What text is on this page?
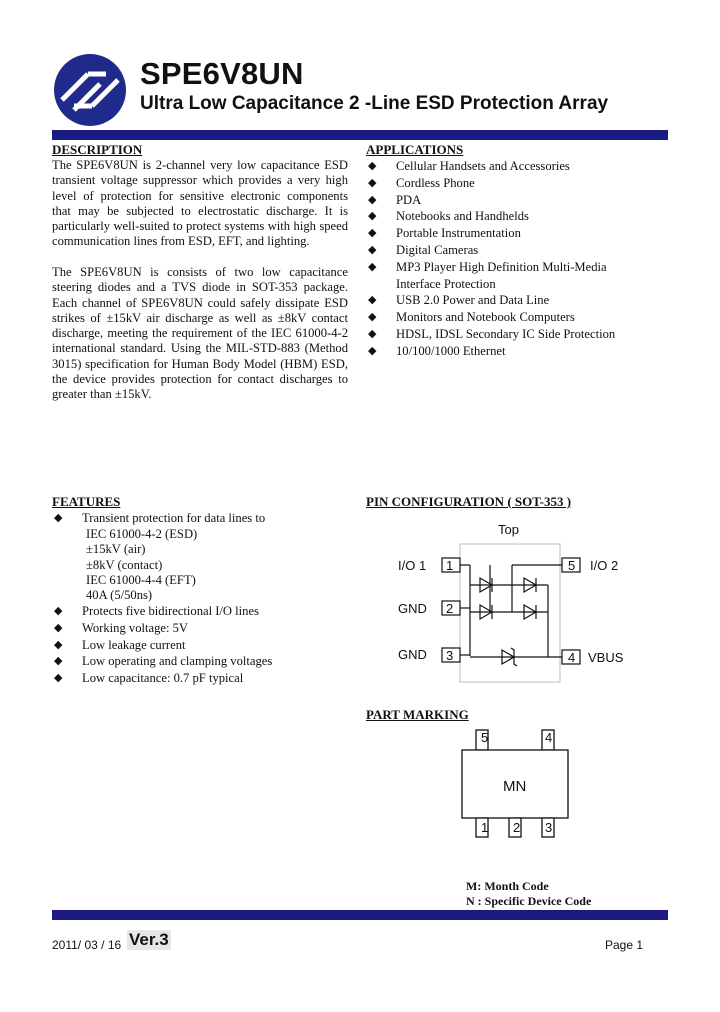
SPE6V8UN
Ultra Low Capacitance 2 -Line ESD Protection Array
DESCRIPTION
The SPE6V8UN is 2-channel very low capacitance ESD transient voltage suppressor which provides a very high level of protection for sensitive electronic components that may be subjected to electrostatic discharge. It is particularly well-suited to protect systems with high speed communication lines from ESD, EFT, and lighting.
The SPE6V8UN is consists of two low capacitance steering diodes and a TVS diode in SOT-353 package. Each channel of SPE6V8UN could safely dissipate ESD strikes of ±15kV air discharge as well as ±8kV contact discharge, meeting the requirement of the IEC 61000-4-2 international standard. Using the MIL-STD-883 (Method 3015) specification for Human Body Model (HBM) ESD, the device provides protection for contact discharges to greater than ±15kV.
APPLICATIONS
◆ Cellular Handsets and Accessories
◆ Cordless Phone
◆ PDA
◆ Notebooks and Handhelds
◆ Portable Instrumentation
◆ Digital Cameras
◆ MP3 Player High Definition Multi-Media Interface Protection
◆ USB 2.0 Power and Data Line
◆ Monitors and Notebook Computers
◆ HDSL, IDSL Secondary IC Side Protection
◆ 10/100/1000 Ethernet
FEATURES
◆ Transient protection for data lines to
IEC 61000-4-2 (ESD)
±15kV (air)
±8kV (contact)
IEC 61000-4-4 (EFT)
40A (5/50ns)
◆ Protects five bidirectional I/O lines
◆ Working voltage: 5V
◆ Low leakage current
◆ Low operating and clamping voltages
◆ Low capacitance: 0.7 pF typical
PIN CONFIGURATION ( SOT-353 )
Top
I/O 1 1
GND 2
GND 3
5 I/O 2
4 VBUS
PART MARKING
5	4
MN
1 2 3
M: Month Code
N : Specific Device Code
2011/ 03 / 16 Ver.3	Page 1
